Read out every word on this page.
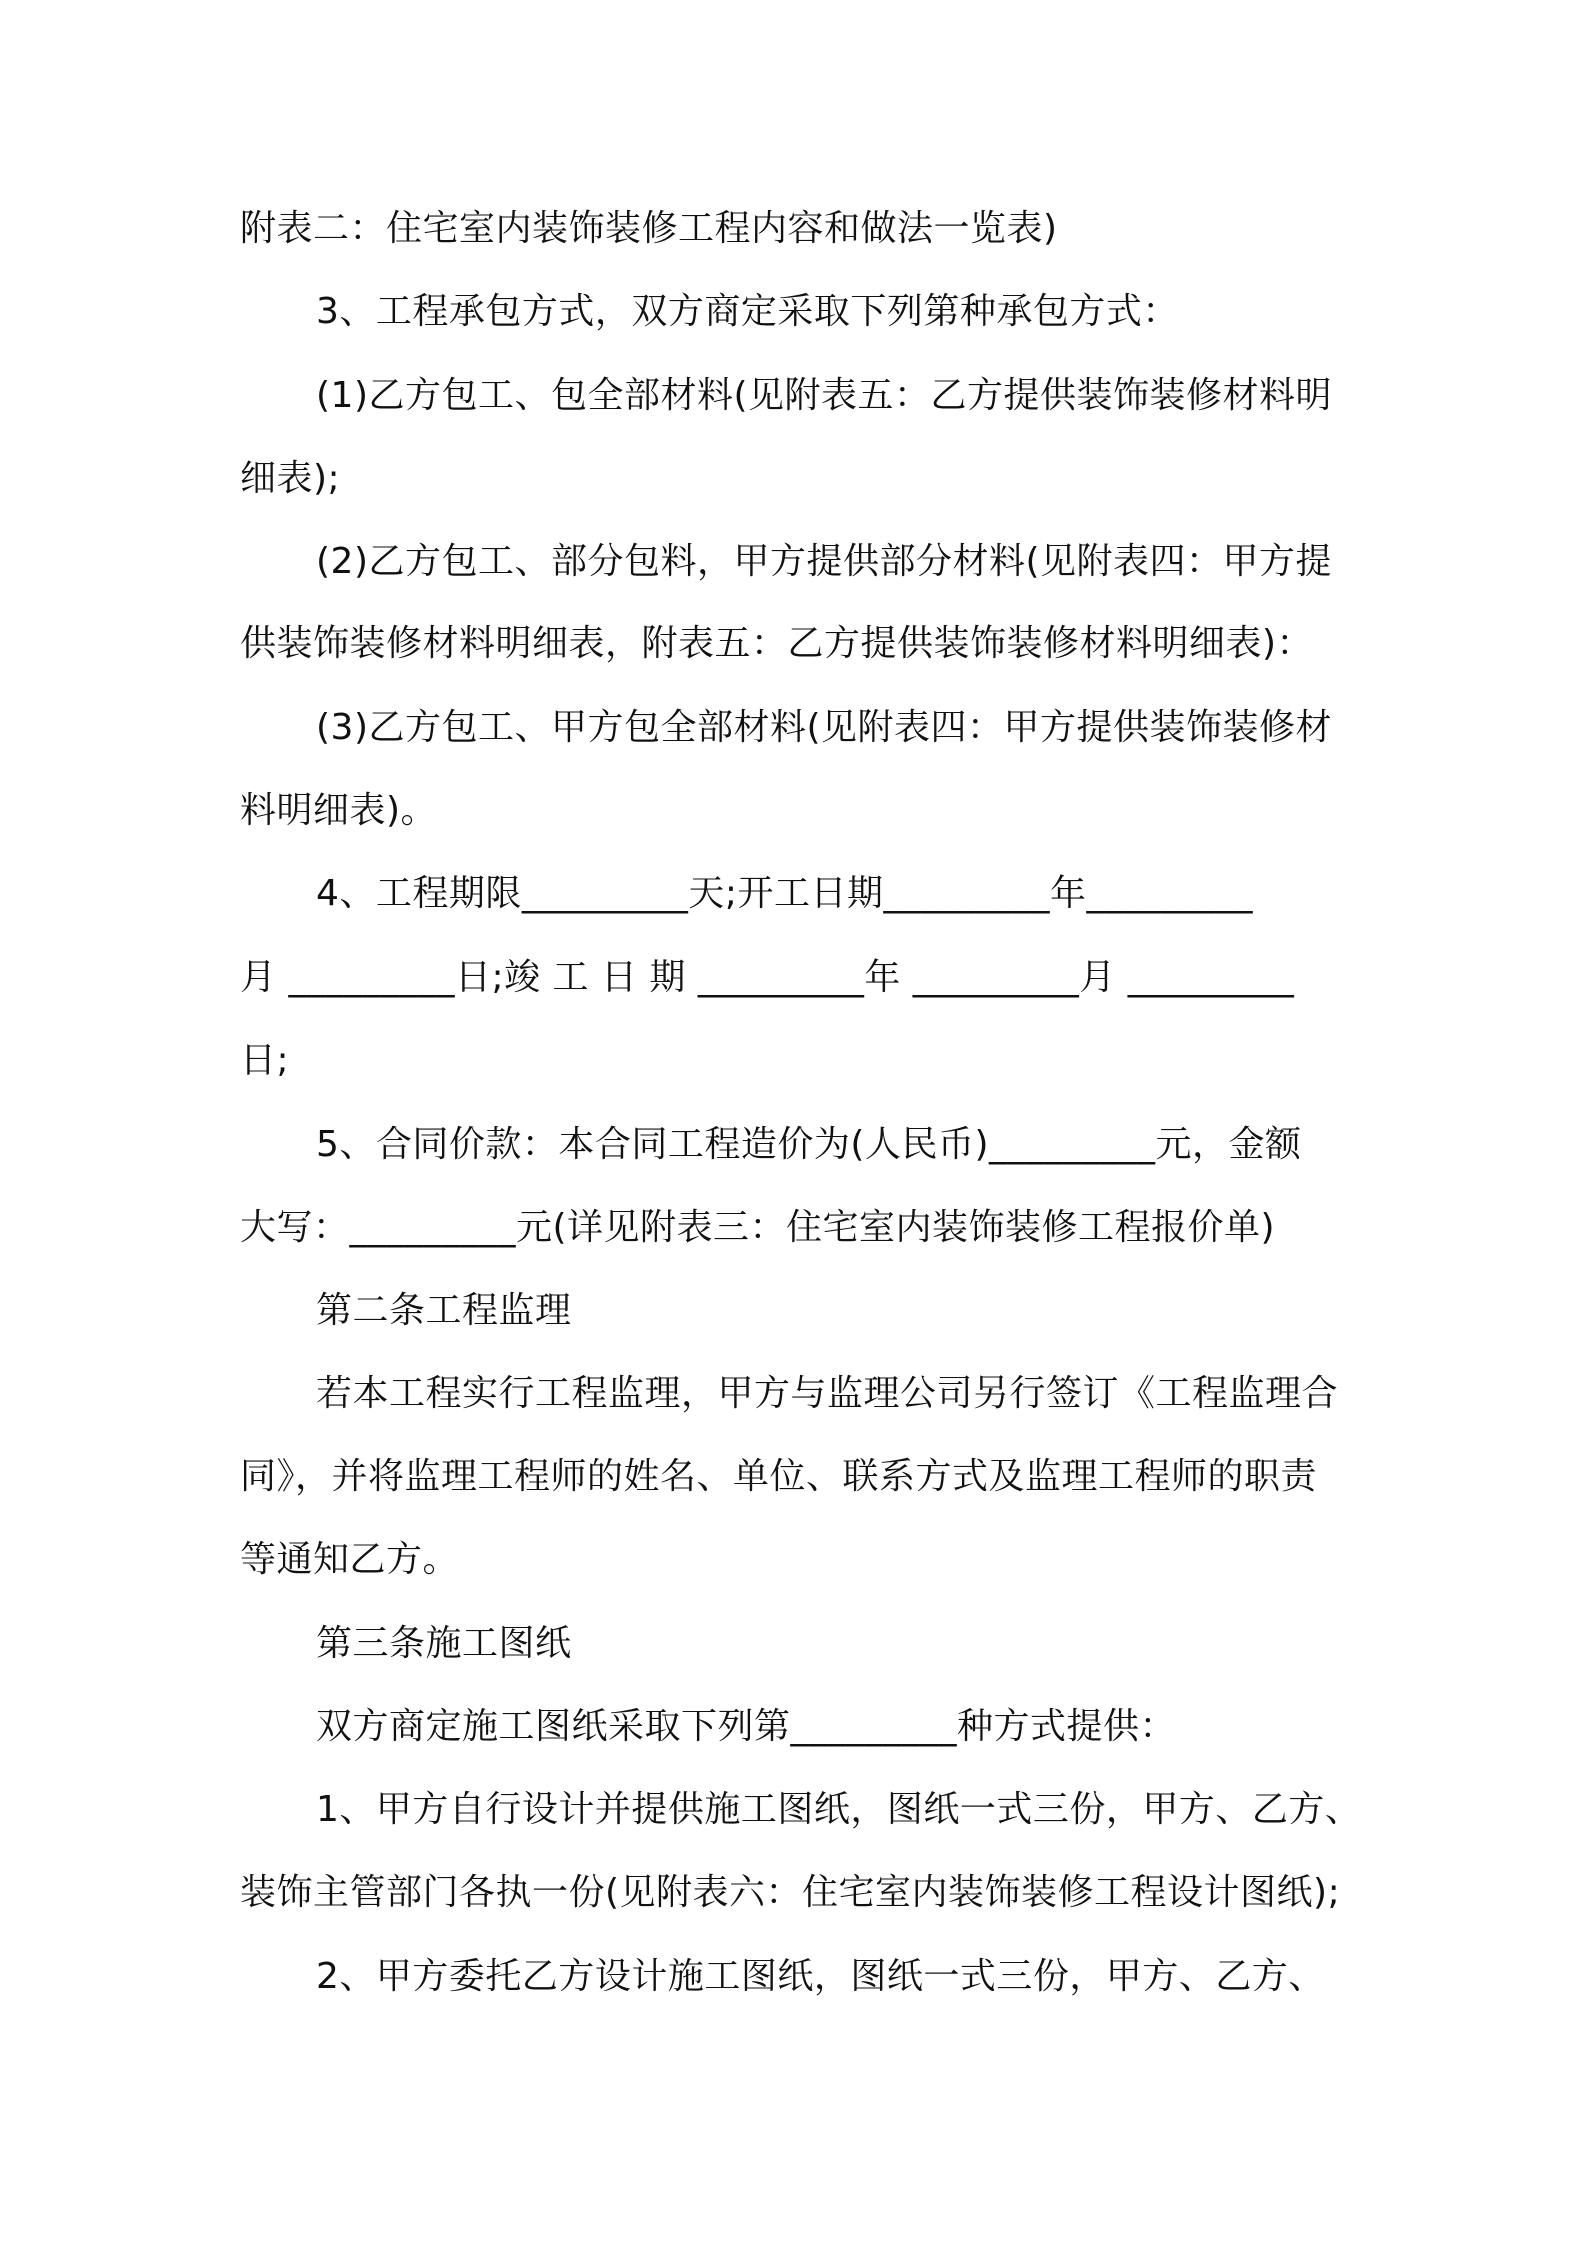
附表二：住宅室内装饰装修工程内容和做法一览表)
3、工程承包方式，双方商定采取下列第种承包方式：
(1)乙方包工、包全部材料(见附表五：乙方提供装饰装修材料明
细表);
(2)乙方包工、部分包料，甲方提供部分材料(见附表四：甲方提
供装饰装修材料明细表，附表五：乙方提供装饰装修材料明细表)：
(3)乙方包工、甲方包全部材料(见附表四：甲方提供装饰装修材
料明细表)。
4、工程期限_________天;开工日期_________年_________
月 _________日;竣 工 日 期 _________年 _________月 _________
日;
5、合同价款：本合同工程造价为(人民币)_________元，金额
大写：_________元(详见附表三：住宅室内装饰装修工程报价单)
第二条工程监理
若本工程实行工程监理，甲方与监理公司另行签订《工程监理合
同》，并将监理工程师的姓名、单位、联系方式及监理工程师的职责
等通知乙方。
第三条施工图纸
双方商定施工图纸采取下列第_________种方式提供：
1、甲方自行设计并提供施工图纸，图纸一式三份，甲方、乙方、
装饰主管部门各执一份(见附表六：住宅室内装饰装修工程设计图纸);
2、甲方委托乙方设计施工图纸，图纸一式三份，甲方、乙方、
